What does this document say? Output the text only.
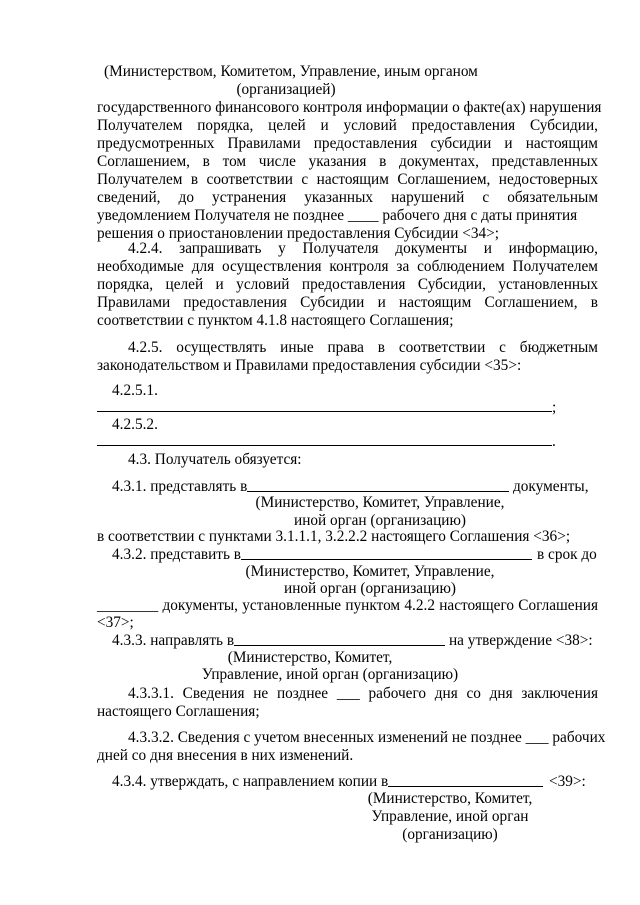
(Министерством, Комитетом, Управление, иным органом
(организацией)
государственного финансового контроля информации о факте(ах) нарушения
Получателем порядка, целей и условий предоставления Субсидии,
предусмотренных Правилами предоставления субсидии и настоящим
Соглашением, в том числе указания в документах, представленных
Получателем в соответствии с настоящим Соглашением, недостоверных
сведений, до устранения указанных нарушений с обязательным
уведомлением Получателя не позднее ____ рабочего дня с даты принятия
решения о приостановлении предоставления Субсидии <34>;
4.2.4. запрашивать у Получателя документы и информацию,
необходимые для осуществления контроля за соблюдением Получателем
порядка, целей и условий предоставления Субсидии, установленных
Правилами предоставления Субсидии и настоящим Соглашением, в
соответствии с пунктом 4.1.8 настоящего Соглашения;
4.2.5. осуществлять иные права в соответствии с бюджетным
законодательством и Правилами предоставления субсидии <35>:
4.2.5.1.
;
4.2.5.2.
.
4.3. Получатель обязуется:
4.3.1. представлять в	документы,
(Министерство, Комитет, Управление,
иной орган (организацию)
в соответствии с пунктами 3.1.1.1, 3.2.2.2 настоящего Соглашения <36>;
4.3.2. представить в	в срок до
(Министерство, Комитет, Управление,
иной орган (организацию)
________ документы, установленные пунктом 4.2.2 настоящего Соглашения
<37>;
4.3.3. направлять в	на утверждение <38>:
(Министерство, Комитет,
Управление, иной орган (организацию)
4.3.3.1. Сведения не позднее ___ рабочего дня со дня заключения
настоящего Соглашения;
4.3.3.2. Сведения с учетом внесенных изменений не позднее ___ рабочих
дней со дня внесения в них изменений.
4.3.4. утверждать, с направлением копии в	<39>:
(Министерство, Комитет,
Управление, иной орган
(организацию)
